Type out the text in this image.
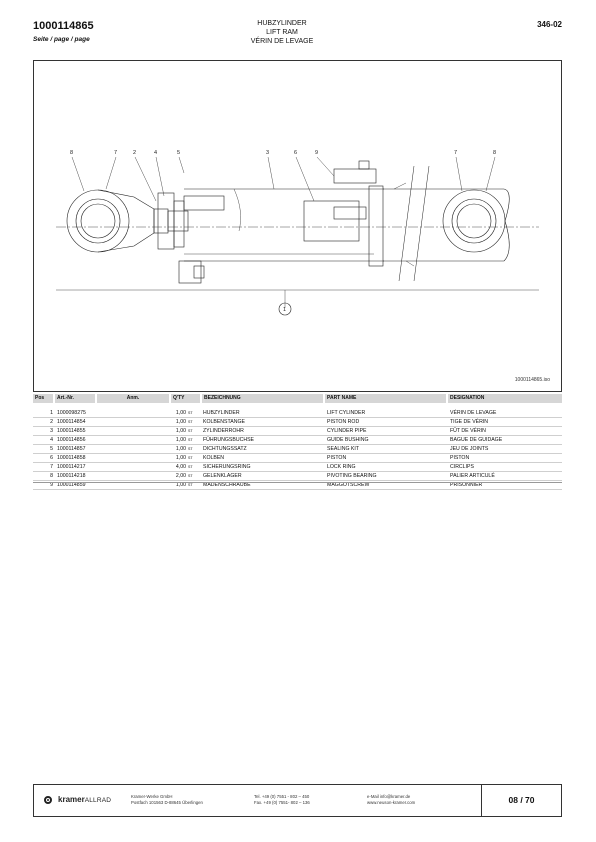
1000114865
Seite / page / page
HUBZYLINDER
LIFT RAM
VÉRIN DE LEVAGE
346-02
8	7	2	4	5	3	6	9	7	8
1
1000114865.iso
Pos	Art.-Nr.	Anm.	Q'TY	BEZEICHNUNG	PART NAME	DESIGNATION
1 1000098275	1,00 ST HUBZYLINDER	LIFT CYLINDER	VÉRIN DE LEVAGE
2 1000114854	1,00 ST KOLBENSTANGE	PISTON ROD	TIGE DE VÉRIN
3 1000114855	1,00 ST ZYLINDERROHR	CYLINDER PIPE	FÛT DE VÉRIN
4 1000114856	1,00 ST FÜHRUNGSBUCHSE	GUIDE BUSHING	BAGUE DE GUIDAGE
5 1000114857	1,00 ST DICHTUNGSSATZ	SEALING KIT	JEU DE JOINTS
6 1000114858	1,00 ST KOLBEN	PISTON	PISTON
7 1000114217	4,00 ST SICHERUNGSRING	LOCK RING	CIRCLIPS
8 1000114218	2,00 ST GELENKLAGER	PIVOTING BEARING	PALIER ARTICULÉ
9 1000114859	1,00 ST MADENSCHRAUBE	MAGGOTSCREW	PRISONNIER
kramerALLRAD
Kramer-Werke GmbH
Postfach 101563 D-88645 Überlingen
Tel. +49 (0) 7551 - 802 – 450
Fax. +49 (0) 7551- 802 – 136
e-Mail info@kramer.de
www.neuson-kramer.com	08 / 70
